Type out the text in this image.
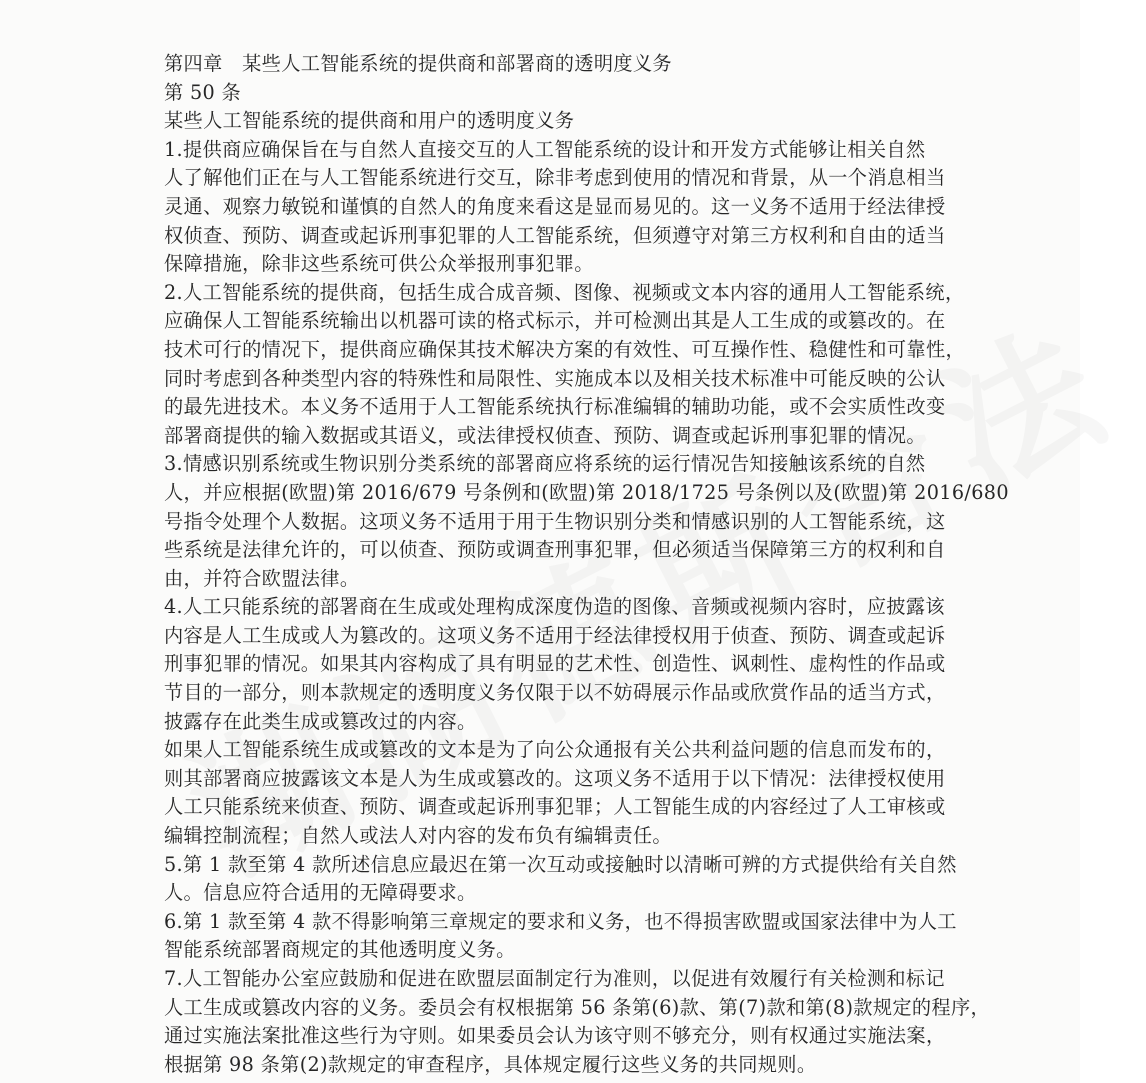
第四章　某些人工智能系统的提供商和部署商的透明度义务
第 50 条
某些人工智能系统的提供商和用户的透明度义务
1.提供商应确保旨在与自然人直接交互的人工智能系统的设计和开发方式能够让相关自然
人了解他们正在与人工智能系统进行交互，除非考虑到使用的情况和背景，从一个消息相当
灵通、观察力敏锐和谨慎的自然人的角度来看这是显而易见的。这一义务不适用于经法律授
权侦查、预防、调查或起诉刑事犯罪的人工智能系统，但须遵守对第三方权利和自由的适当
保障措施，除非这些系统可供公众举报刑事犯罪。
2.人工智能系统的提供商，包括生成合成音频、图像、视频或文本内容的通用人工智能系统，
应确保人工智能系统输出以机器可读的格式标示，并可检测出其是人工生成的或篡改的。在
技术可行的情况下，提供商应确保其技术解决方案的有效性、可互操作性、稳健性和可靠性，
同时考虑到各种类型内容的特殊性和局限性、实施成本以及相关技术标准中可能反映的公认
的最先进技术。本义务不适用于人工智能系统执行标准编辑的辅助功能，或不会实质性改变
部署商提供的输入数据或其语义，或法律授权侦查、预防、调查或起诉刑事犯罪的情况。
3.情感识别系统或生物识别分类系统的部署商应将系统的运行情况告知接触该系统的自然
人，并应根据(欧盟)第 2016/679 号条例和(欧盟)第 2018/1725 号条例以及(欧盟)第 2016/680
号指令处理个人数据。这项义务不适用于用于生物识别分类和情感识别的人工智能系统，这
些系统是法律允许的，可以侦查、预防或调查刑事犯罪，但必须适当保障第三方的权利和自
由，并符合欧盟法律。
4.人工只能系统的部署商在生成或处理构成深度伪造的图像、音频或视频内容时，应披露该
内容是人工生成或人为篡改的。这项义务不适用于经法律授权用于侦查、预防、调查或起诉
刑事犯罪的情况。如果其内容构成了具有明显的艺术性、创造性、讽刺性、虚构性的作品或
节目的一部分，则本款规定的透明度义务仅限于以不妨碍展示作品或欣赏作品的适当方式，
披露存在此类生成或篡改过的内容。
如果人工智能系统生成或篡改的文本是为了向公众通报有关公共利益问题的信息而发布的，
则其部署商应披露该文本是人为生成或篡改的。这项义务不适用于以下情况：法律授权使用
人工只能系统来侦查、预防、调查或起诉刑事犯罪；人工智能生成的内容经过了人工审核或
编辑控制流程；自然人或法人对内容的发布负有编辑责任。
5.第 1 款至第 4 款所述信息应最迟在第一次互动或接触时以清晰可辨的方式提供给有关自然
人。信息应符合适用的无障碍要求。
6.第 1 款至第 4 款不得影响第三章规定的要求和义务，也不得损害欧盟或国家法律中为人工
智能系统部署商规定的其他透明度义务。
7.人工智能办公室应鼓励和促进在欧盟层面制定行为准则，以促进有效履行有关检测和标记
人工生成或篡改内容的义务。委员会有权根据第 56 条第(6)款、第(7)款和第(8)款规定的程序，
通过实施法案批准这些行为守则。如果委员会认为该守则不够充分，则有权通过实施法案，
根据第 98 条第(2)款规定的审查程序，具体规定履行这些义务的共同规则。
